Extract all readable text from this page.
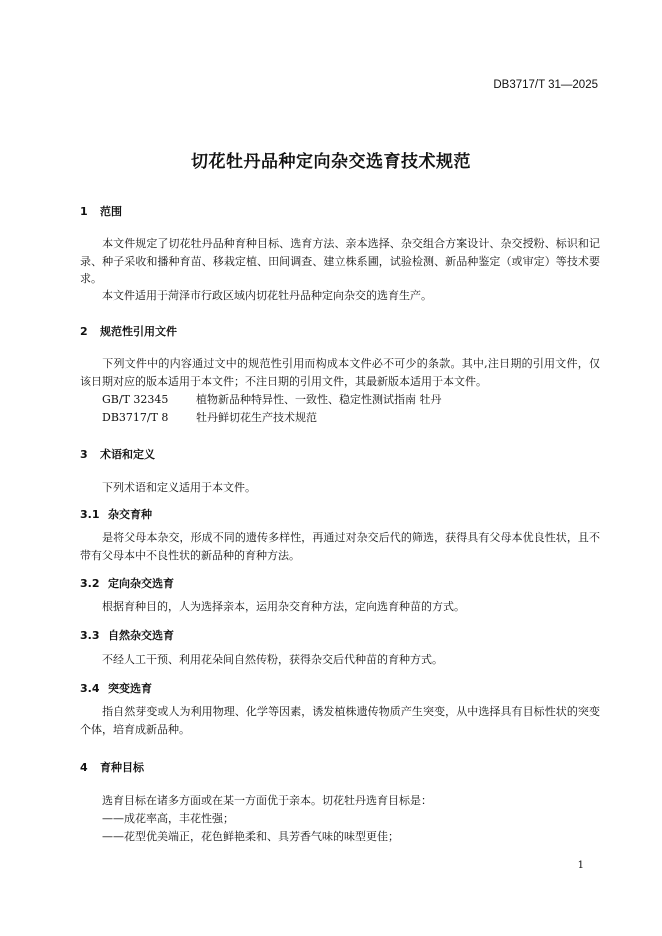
DB3717/T 31—2025
切花牡丹品种定向杂交选育技术规范
1 范围
本文件规定了切花牡丹品种育种目标、选育方法、亲本选择、杂交组合方案设计、杂交授粉、标识和记录、种子采收和播种育苗、移栽定植、田间调查、建立株系圃，试验检测、新品种鉴定（或审定）等技术要求。
本文件适用于菏泽市行政区域内切花牡丹品种定向杂交的选育生产。
2 规范性引用文件
下列文件中的内容通过文中的规范性引用而构成本文件必不可少的条款。其中,注日期的引用文件，仅该日期对应的版本适用于本文件；不注日期的引用文件，其最新版本适用于本文件。
GB/T 32345	植物新品种特异性、一致性、稳定性测试指南 牡丹
DB3717/T 8	牡丹鲜切花生产技术规范
3 术语和定义
下列术语和定义适用于本文件。
3.1 杂交育种
是将父母本杂交，形成不同的遗传多样性，再通过对杂交后代的筛选，获得具有父母本优良性状，且不带有父母本中不良性状的新品种的育种方法。
3.2 定向杂交选育
根据育种目的，人为选择亲本，运用杂交育种方法，定向选育种苗的方式。
3.3 自然杂交选育
不经人工干预、利用花朵间自然传粉，获得杂交后代种苗的育种方式。
3.4 突变选育
指自然芽变或人为利用物理、化学等因素，诱发植株遗传物质产生突变，从中选择具有目标性状的突变个体，培育成新品种。
4 育种目标
选育目标在诸多方面或在某一方面优于亲本。切花牡丹选育目标是：
——成花率高，丰花性强；
——花型优美端正，花色鲜艳柔和、具芳香气味的味型更佳；
1
